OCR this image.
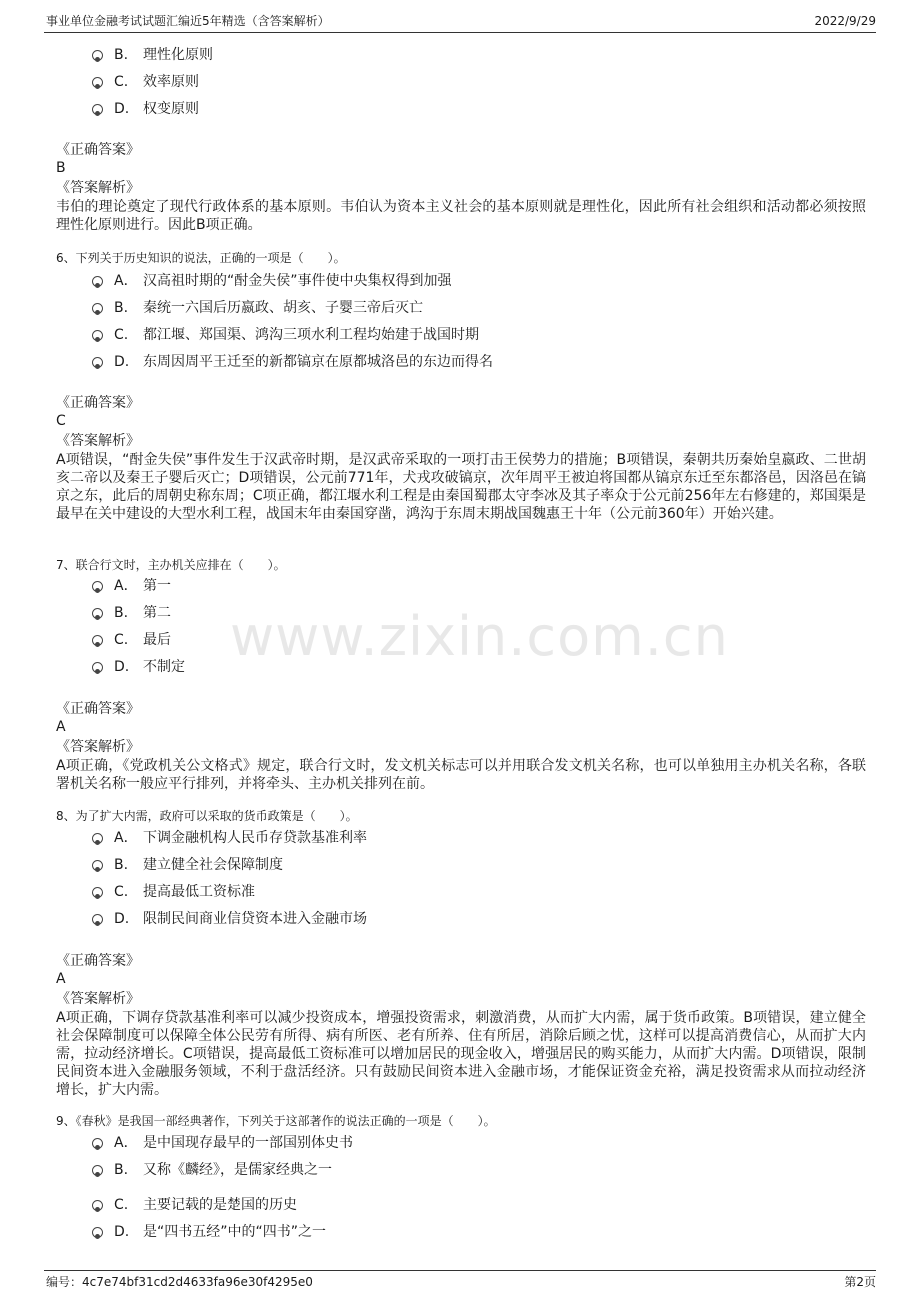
事业单位金融考试试题汇编近5年精选（含答案解析）	2022/9/29
www.zixin.com.cn
B. 理性化原则
C. 效率原则
D. 权变原则
《正确答案》
B
《答案解析》
韦伯的理论奠定了现代行政体系的基本原则。韦伯认为资本主义社会的基本原则就是理性化，因此所有社会组织和活动都必须按照理性化原则进行。因此B项正确。
6、下列关于历史知识的说法，正确的一项是（　　）。
A． 汉高祖时期的“酎金失侯”事件使中央集权得到加强
B. 秦统一六国后历嬴政、胡亥、子婴三帝后灭亡
C. 都江堰、郑国渠、鸿沟三项水利工程均始建于战国时期
D. 东周因周平王迁至的新都镐京在原都城洛邑的东边而得名
《正确答案》
C
《答案解析》
A项错误，“酎金失侯”事件发生于汉武帝时期，是汉武帝采取的一项打击王侯势力的措施；B项错误，秦朝共历秦始皇嬴政、二世胡亥二帝以及秦王子婴后灭亡；D项错误，公元前771年，犬戎攻破镐京，次年周平王被迫将国都从镐京东迁至东都洛邑，因洛邑在镐京之东，此后的周朝史称东周；C项正确，都江堰水利工程是由秦国蜀郡太守李冰及其子率众于公元前256年左右修建的，郑国渠是最早在关中建设的大型水利工程，战国末年由秦国穿凿，鸿沟于东周末期战国魏惠王十年（公元前360年）开始兴建。
7、联合行文时，主办机关应排在（　　）。
A． 第一
B. 第二
C. 最后
D. 不制定
《正确答案》
A
《答案解析》
A项正确，《党政机关公文格式》规定，联合行文时，发文机关标志可以并用联合发文机关名称，也可以单独用主办机关名称，各联署机关名称一般应平行排列，并将牵头、主办机关排列在前。
8、为了扩大内需，政府可以采取的货币政策是（　　）。
A． 下调金融机构人民币存贷款基准利率
B. 建立健全社会保障制度
C. 提高最低工资标准
D. 限制民间商业信贷资本进入金融市场
《正确答案》
A
《答案解析》
A项正确，下调存贷款基准利率可以减少投资成本，增强投资需求，刺激消费，从而扩大内需，属于货币政策。B项错误，建立健全社会保障制度可以保障全体公民劳有所得、病有所医、老有所养、住有所居，消除后顾之忧，这样可以提高消费信心，从而扩大内需，拉动经济增长。C项错误，提高最低工资标准可以增加居民的现金收入，增强居民的购买能力，从而扩大内需。D项错误，限制民间资本进入金融服务领域，不利于盘活经济。只有鼓励民间资本进入金融市场，才能保证资金充裕，满足投资需求从而拉动经济增长，扩大内需。
9、《春秋》是我国一部经典著作，下列关于这部著作的说法正确的一项是（　　）。
A． 是中国现存最早的一部国别体史书
B. 又称《麟经》，是儒家经典之一
C. 主要记载的是楚国的历史
D. 是“四书五经”中的“四书”之一
编号：4c7e74bf31cd2d4633fa96e30f4295e0	第2页
